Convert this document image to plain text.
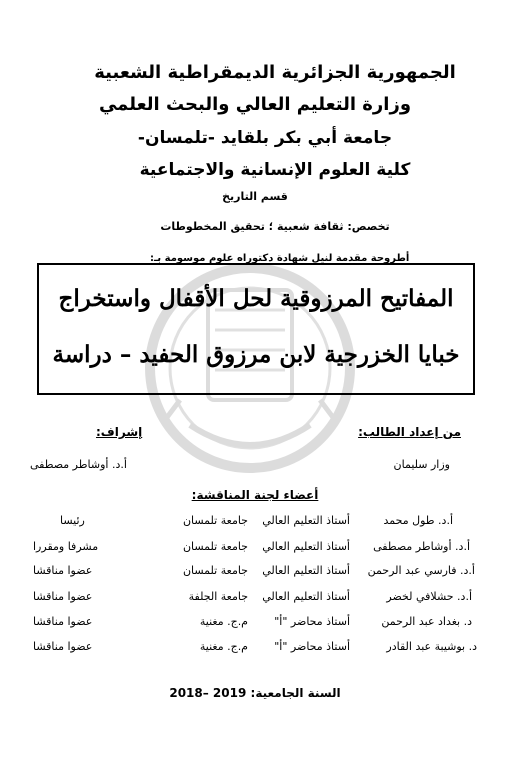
الجمهورية الجزائرية الديمقراطية الشعبية
وزارة التعليم العالي والبحث العلمي
جامعة أبي بكر بلقايد -تلمسان-
كلية العلوم الإنسانية والاجتماعية
قسم التاريخ
تخصص: ثقافة شعبية ؛ تحقيق المخطوطات
أطروحة مقدمة لنيل شهادة دكتوراه علوم موسومة بـ:
المفاتيح المرزوقية لحل الأقفال واستخراج
خبايا الخزرجية لابن مرزوق الحفيد – دراسة
من إعداد الطالب:
وزار سليمان
إشراف:
أ.د. أوشاطر مصطفى
أعضاء لجنة المناقشة:
أ.د. طول محمد
أستاذ التعليم العالي
جامعة تلمسان
رئيسا
أ.د. أوشاطر مصطفى
أستاذ التعليم العالي
جامعة تلمسان
مشرفا ومقررا
أ.د. فارسي عبد الرحمن
أستاذ التعليم العالي
جامعة تلمسان
عضوا مناقشا
أ.د. حشلافي لخضر
أستاذ التعليم العالي
جامعة الجلفة
عضوا مناقشا
د. بغداد عبد الرحمن
أستاذ محاضر "أ"
م.ج. مغنية
عضوا مناقشا
د. بوشيبة عبد القادر
أستاذ محاضر "أ"
م.ج. مغنية
عضوا مناقشا
السنة الجامعية: 2018– 2019
